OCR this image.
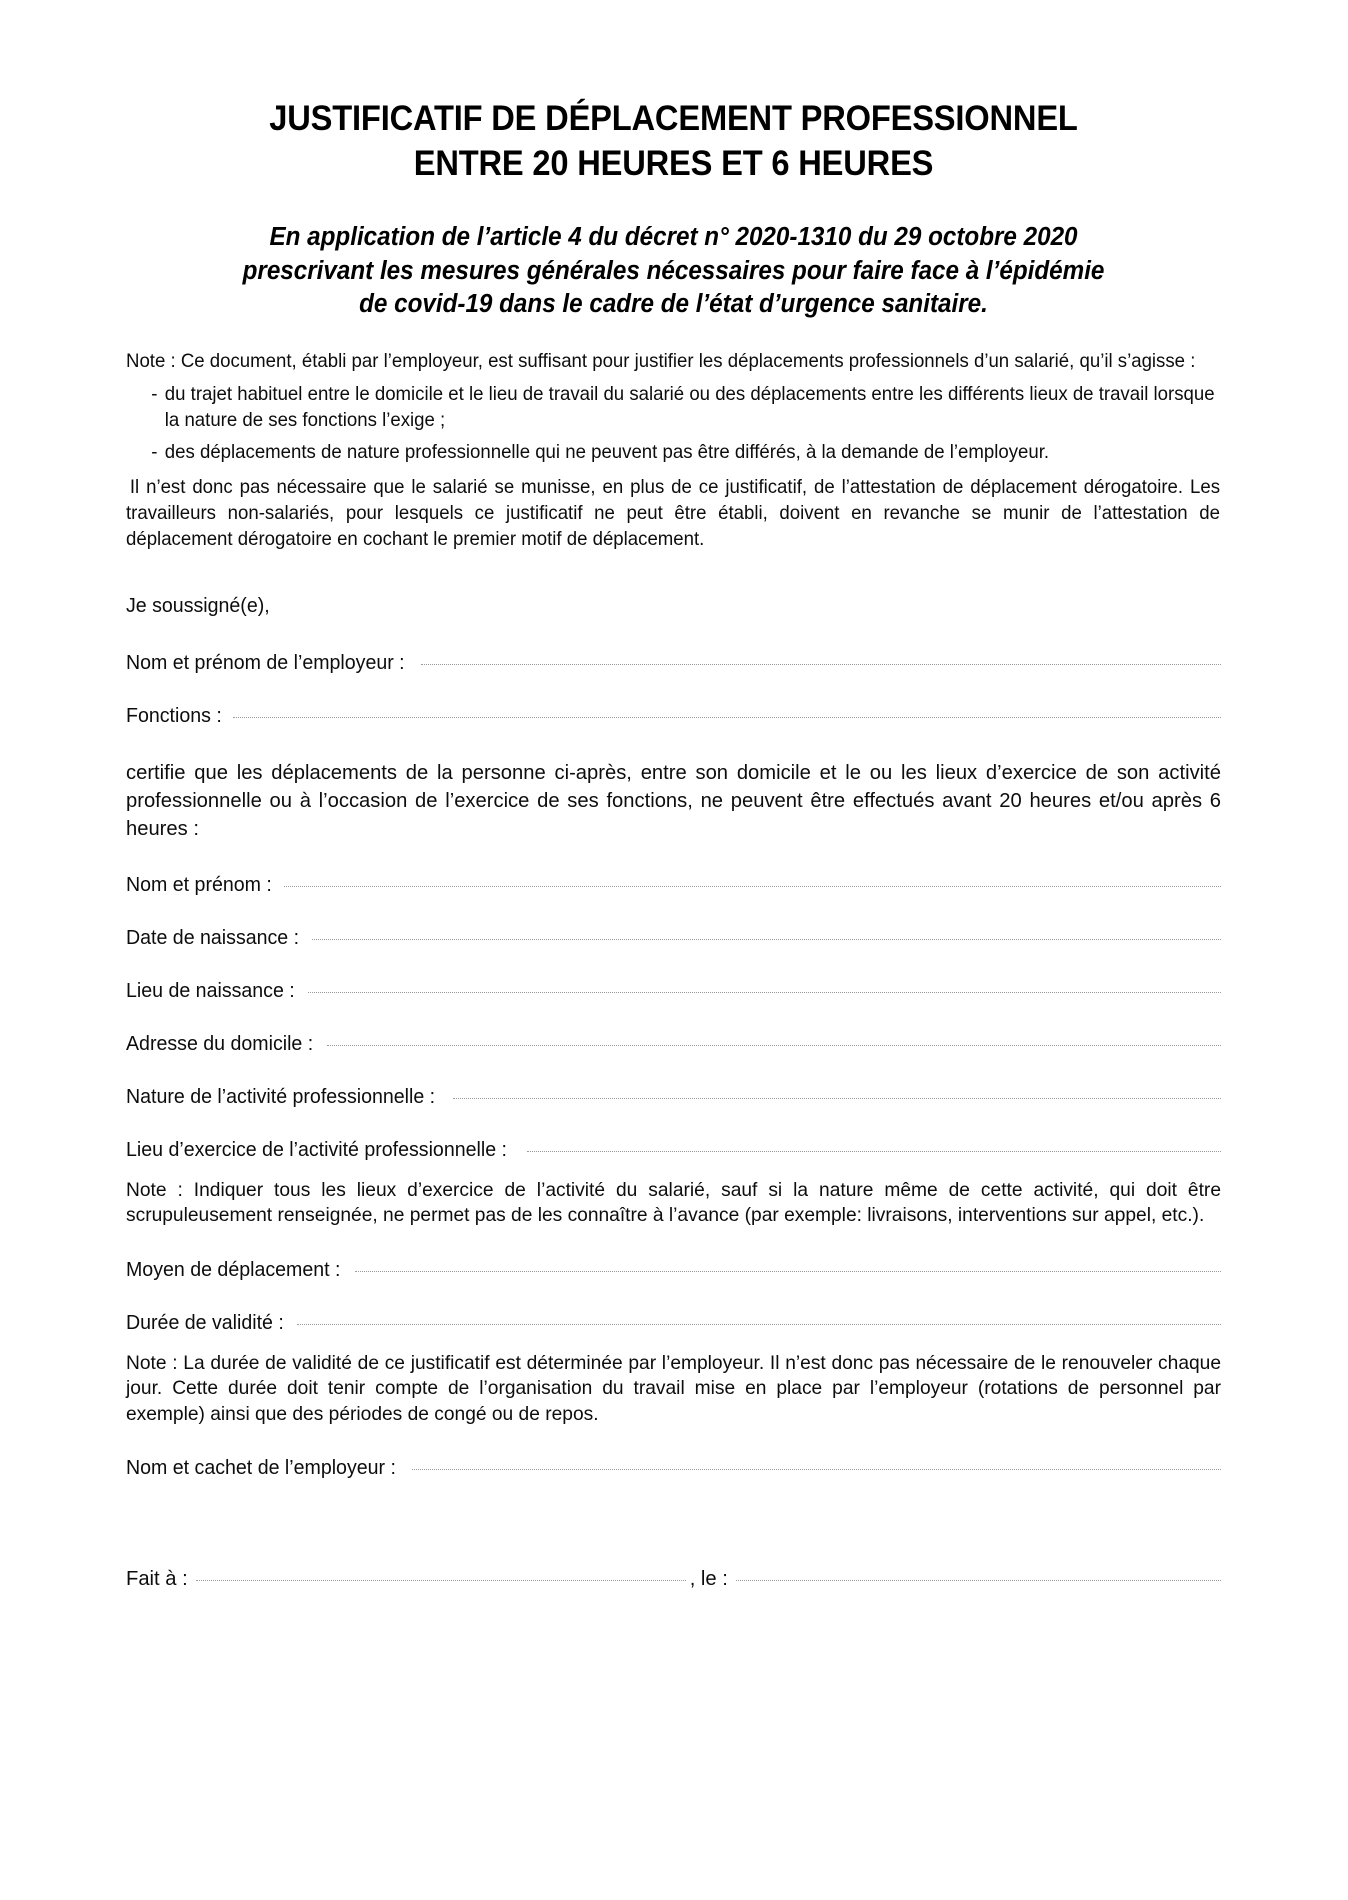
JUSTIFICATIF DE DÉPLACEMENT PROFESSIONNEL
ENTRE 20 HEURES ET 6 HEURES
En application de l’article 4 du décret n° 2020-1310 du 29 octobre 2020
prescrivant les mesures générales nécessaires pour faire face à l’épidémie
de covid-19 dans le cadre de l’état d’urgence sanitaire.
Note : Ce document, établi par l’employeur, est suffisant pour justifier les déplacements professionnels d’un salarié, qu’il s’agisse :
- du trajet habituel entre le domicile et le lieu de travail du salarié ou des déplacements entre les différents lieux de travail lorsque la nature de ses fonctions l’exige ;
- des déplacements de nature professionnelle qui ne peuvent pas être différés, à la demande de l’employeur.
Il n’est donc pas nécessaire que le salarié se munisse, en plus de ce justificatif, de l’attestation de déplacement dérogatoire. Les travailleurs non-salariés, pour lesquels ce justificatif ne peut être établi, doivent en revanche se munir de l’attestation de déplacement dérogatoire en cochant le premier motif de déplacement.
Je soussigné(e),
Nom et prénom de l’employeur :
Fonctions :
certifie que les déplacements de la personne ci-après, entre son domicile et le ou les lieux d’exercice de son activité professionnelle ou à l’occasion de l’exercice de ses fonctions, ne peuvent être effectués avant 20 heures et/ou après 6 heures :
Nom et prénom :
Date de naissance :
Lieu de naissance :
Adresse du domicile :
Nature de l’activité professionnelle :
Lieu d’exercice de l’activité professionnelle :
Note : Indiquer tous les lieux d’exercice de l’activité du salarié, sauf si la nature même de cette activité, qui doit être scrupuleusement renseignée, ne permet pas de les connaître à l’avance (par exemple: livraisons, interventions sur appel, etc.).
Moyen de déplacement :
Durée de validité :
Note : La durée de validité de ce justificatif est déterminée par l’employeur. Il n’est donc pas nécessaire de le renouveler chaque jour. Cette durée doit tenir compte de l’organisation du travail mise en place par l’employeur (rotations de personnel par exemple) ainsi que des périodes de congé ou de repos.
Nom et cachet de l’employeur :
Fait à :	, le :
